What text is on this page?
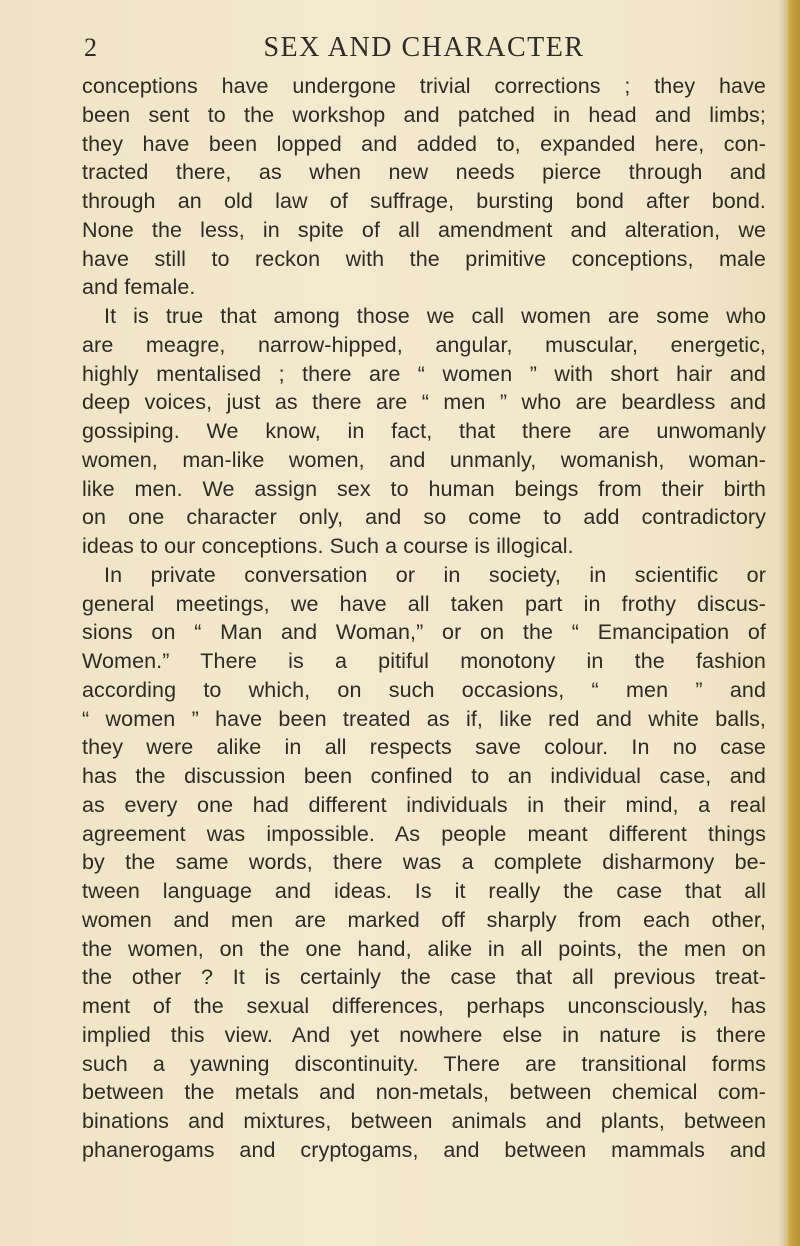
2	SEX AND CHARACTER
conceptions have undergone trivial corrections ; they have
been sent to the workshop and patched in head and limbs;
they have been lopped and added to, expanded here, con-
tracted there, as when new needs pierce through and
through an old law of suffrage, bursting bond after bond.
None the less, in spite of all amendment and alteration, we
have still to reckon with the primitive conceptions, male
and female.
It is true that among those we call women are some who
are meagre, narrow-hipped, angular, muscular, energetic,
highly mentalised ; there are “ women ” with short hair and
deep voices, just as there are “ men ” who are beardless and
gossiping. We know, in fact, that there are unwomanly
women, man-like women, and unmanly, womanish, woman-
like men. We assign sex to human beings from their birth
on one character only, and so come to add contradictory
ideas to our conceptions. Such a course is illogical.
In private conversation or in society, in scientific or
general meetings, we have all taken part in frothy discus-
sions on “ Man and Woman,” or on the “ Emancipation of
Women.” There is a pitiful monotony in the fashion
according to which, on such occasions, “ men ” and
“ women ” have been treated as if, like red and white balls,
they were alike in all respects save colour. In no case
has the discussion been confined to an individual case, and
as every one had different individuals in their mind, a real
agreement was impossible. As people meant different things
by the same words, there was a complete disharmony be-
tween language and ideas. Is it really the case that all
women and men are marked off sharply from each other,
the women, on the one hand, alike in all points, the men on
the other ? It is certainly the case that all previous treat-
ment of the sexual differences, perhaps unconsciously, has
implied this view. And yet nowhere else in nature is there
such a yawning discontinuity. There are transitional forms
between the metals and non-metals, between chemical com-
binations and mixtures, between animals and plants, between
phanerogams and cryptogams, and between mammals and
